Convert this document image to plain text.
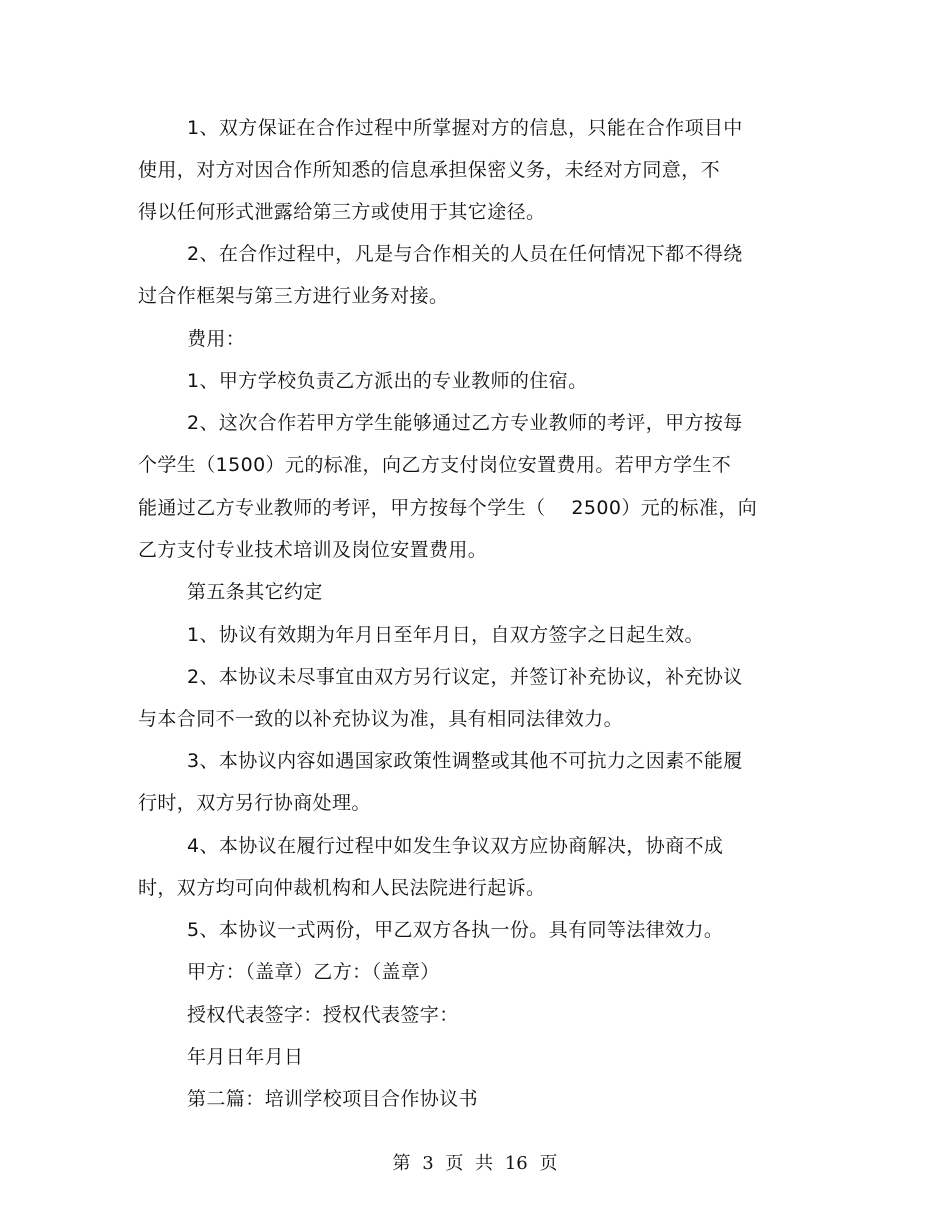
1、双方保证在合作过程中所掌握对方的信息，只能在合作项目中
使用，对方对因合作所知悉的信息承担保密义务，未经对方同意，不
得以任何形式泄露给第三方或使用于其它途径。
2、在合作过程中，凡是与合作相关的人员在任何情况下都不得绕
过合作框架与第三方进行业务对接。
费用：
1、甲方学校负责乙方派出的专业教师的住宿。
2、这次合作若甲方学生能够通过乙方专业教师的考评，甲方按每
个学生（1500）元的标准，向乙方支付岗位安置费用。若甲方学生不
能通过乙方专业教师的考评，甲方按每个学生（ 2500）元的标准，向
乙方支付专业技术培训及岗位安置费用。
第五条其它约定
1、协议有效期为年月日至年月日，自双方签字之日起生效。
2、本协议未尽事宜由双方另行议定，并签订补充协议，补充协议
与本合同不一致的以补充协议为准，具有相同法律效力。
3、本协议内容如遇国家政策性调整或其他不可抗力之因素不能履
行时，双方另行协商处理。
4、本协议在履行过程中如发生争议双方应协商解决，协商不成
时，双方均可向仲裁机构和人民法院进行起诉。
5、本协议一式两份，甲乙双方各执一份。具有同等法律效力。
甲方：（盖章）乙方：（盖章）
授权代表签字：授权代表签字：
年月日年月日
第二篇：培训学校项目合作协议书
第 3 页 共 16 页
